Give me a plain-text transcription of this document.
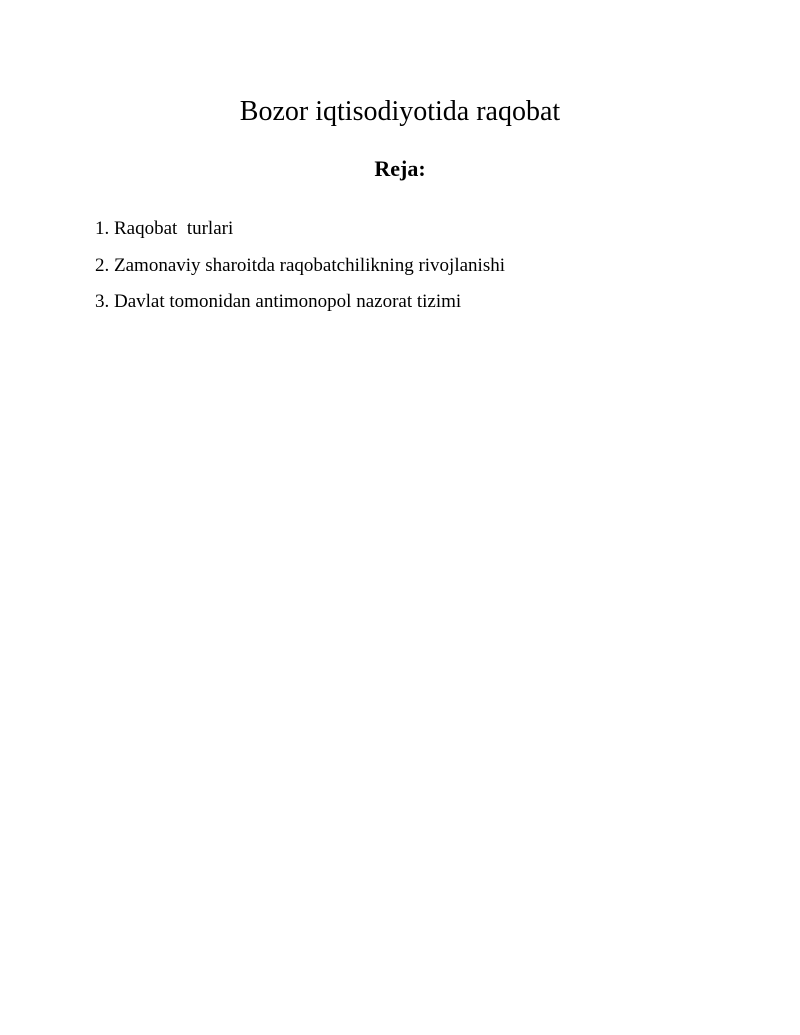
Bozor iqtisodiyotida raqobat
Reja:
1. Raqobat  turlari
2. Zamonaviy sharoitda raqobatchilikning rivojlanishi
3. Davlat tomonidan antimonopol nazorat tizimi
